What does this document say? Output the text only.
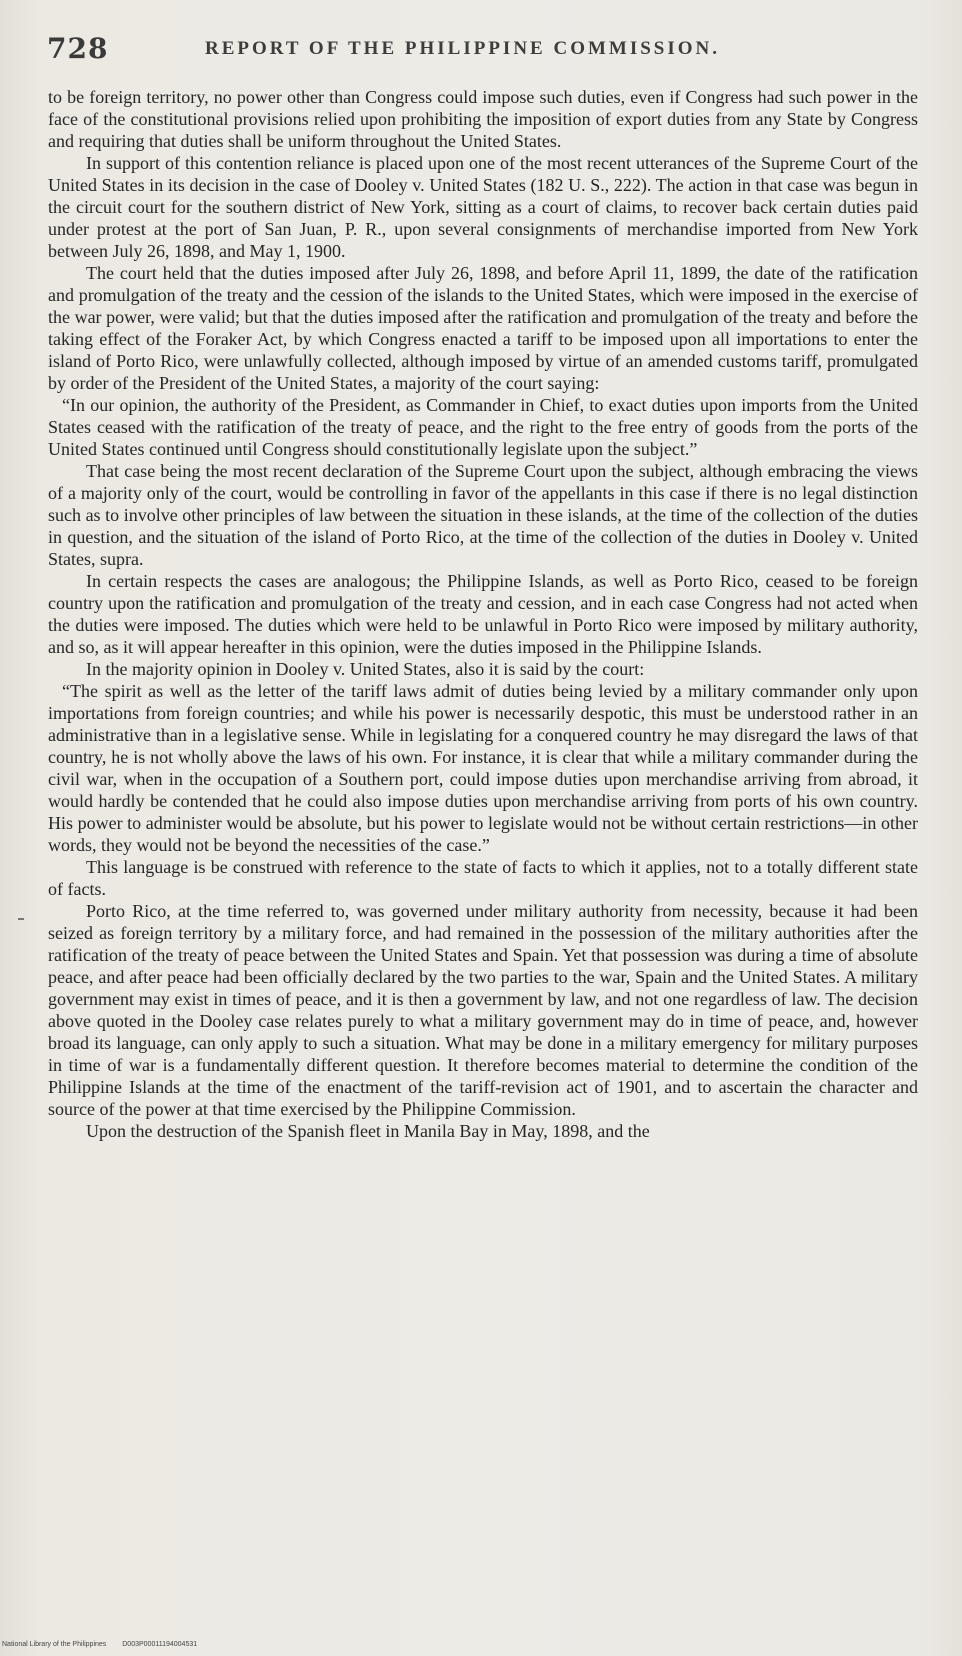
728	REPORT OF THE PHILIPPINE COMMISSION.

to be foreign territory, no power other than Congress could impose such duties, even if Congress had such power in the face of the constitutional provisions relied upon prohibiting the imposition of export duties from any State by Congress and requiring that duties shall be uniform throughout the United States.

In support of this contention reliance is placed upon one of the most recent utterances of the Supreme Court of the United States in its decision in the case of Dooley v. United States (182 U. S., 222). The action in that case was begun in the circuit court for the southern district of New York, sitting as a court of claims, to recover back certain duties paid under protest at the port of San Juan, P. R., upon several consignments of merchandise imported from New York between July 26, 1898, and May 1, 1900.

The court held that the duties imposed after July 26, 1898, and before April 11, 1899, the date of the ratification and promulgation of the treaty and the cession of the islands to the United States, which were imposed in the exercise of the war power, were valid; but that the duties imposed after the ratification and promulgation of the treaty and before the taking effect of the Foraker Act, by which Congress enacted a tariff to be imposed upon all importations to enter the island of Porto Rico, were unlawfully collected, although imposed by virtue of an amended customs tariff, promulgated by order of the President of the United States, a majority of the court saying:

“In our opinion, the authority of the President, as Commander in Chief, to exact duties upon imports from the United States ceased with the ratification of the treaty of peace, and the right to the free entry of goods from the ports of the United States continued until Congress should constitutionally legislate upon the subject.”

That case being the most recent declaration of the Supreme Court upon the subject, although embracing the views of a majority only of the court, would be controlling in favor of the appellants in this case if there is no legal distinction such as to involve other principles of law between the situation in these islands, at the time of the collection of the duties in question, and the situation of the island of Porto Rico, at the time of the collection of the duties in Dooley v. United States, supra.

In certain respects the cases are analogous; the Philippine Islands, as well as Porto Rico, ceased to be foreign country upon the ratification and promulgation of the treaty and cession, and in each case Congress had not acted when the duties were imposed. The duties which were held to be unlawful in Porto Rico were imposed by military authority, and so, as it will appear hereafter in this opinion, were the duties imposed in the Philippine Islands.

In the majority opinion in Dooley v. United States, also it is said by the court:

“The spirit as well as the letter of the tariff laws admit of duties being levied by a military commander only upon importations from foreign countries; and while his power is necessarily despotic, this must be understood rather in an administrative than in a legislative sense. While in legislating for a conquered country he may disregard the laws of that country, he is not wholly above the laws of his own. For instance, it is clear that while a military commander during the civil war, when in the occupation of a Southern port, could impose duties upon merchandise arriving from abroad, it would hardly be contended that he could also impose duties upon merchandise arriving from ports of his own country. His power to administer would be absolute, but his power to legislate would not be without certain restrictions—in other words, they would not be beyond the necessities of the case.”

This language is be construed with reference to the state of facts to which it applies, not to a totally different state of facts.

Porto Rico, at the time referred to, was governed under military authority from necessity, because it had been seized as foreign territory by a military force, and had remained in the possession of the military authorities after the ratification of the treaty of peace between the United States and Spain. Yet that possession was during a time of absolute peace, and after peace had been officially declared by the two parties to the war, Spain and the United States. A military government may exist in times of peace, and it is then a government by law, and not one regardless of law. The decision above quoted in the Dooley case relates purely to what a military government may do in time of peace, and, however broad its language, can only apply to such a situation. What may be done in a military emergency for military purposes in time of war is a fundamentally different question. It therefore becomes material to determine the condition of the Philippine Islands at the time of the enactment of the tariff-revision act of 1901, and to ascertain the character and source of the power at that time exercised by the Philippine Commission.

Upon the destruction of the Spanish fleet in Manila Bay in May, 1898, and the

National Library of the Philippines D003P00011194004531
